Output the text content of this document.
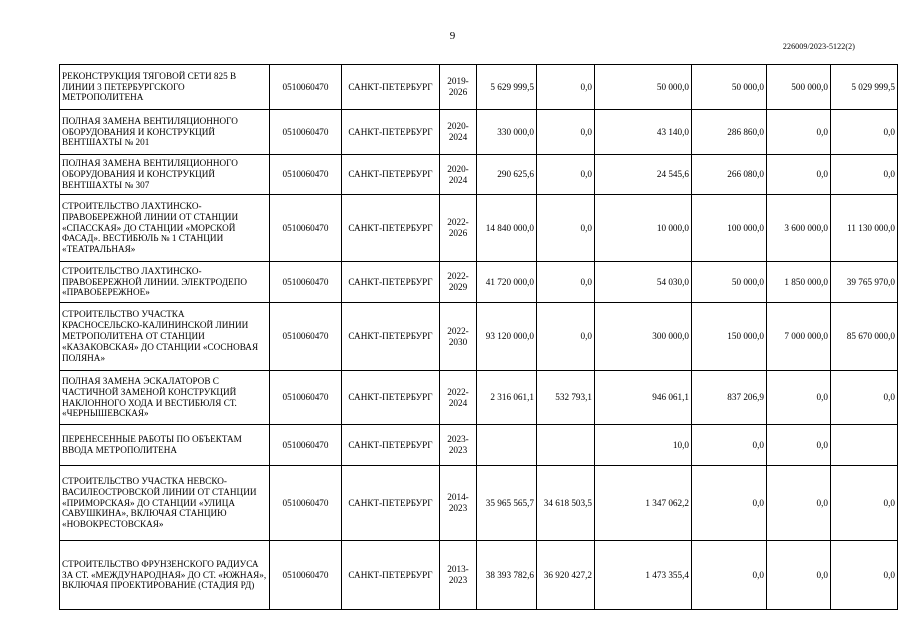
9
226009/2023-5122(2)
РЕКОНСТРУКЦИЯ ТЯГОВОЙ СЕТИ 825 В ЛИНИИ 3 ПЕТЕРБУРГСКОГО МЕТРОПОЛИТЕНА	0510060470	САНКТ-ПЕТЕРБУРГ	2019-2026	5 629 999,5	0,0	50 000,0	50 000,0	500 000,0	5 029 999,5
ПОЛНАЯ ЗАМЕНА ВЕНТИЛЯЦИОННОГО ОБОРУДОВАНИЯ И КОНСТРУКЦИЙ ВЕНТШАХТЫ № 201	0510060470	САНКТ-ПЕТЕРБУРГ	2020-2024	330 000,0	0,0	43 140,0	286 860,0	0,0	0,0
ПОЛНАЯ ЗАМЕНА ВЕНТИЛЯЦИОННОГО ОБОРУДОВАНИЯ И КОНСТРУКЦИЙ ВЕНТШАХТЫ № 307	0510060470	САНКТ-ПЕТЕРБУРГ	2020-2024	290 625,6	0,0	24 545,6	266 080,0	0,0	0,0
СТРОИТЕЛЬСТВО ЛАХТИНСКО-ПРАВОБЕРЕЖНОЙ ЛИНИИ ОТ СТАНЦИИ «СПАССКАЯ» ДО СТАНЦИИ «МОРСКОЙ ФАСАД». ВЕСТИБЮЛЬ № 1 СТАНЦИИ «ТЕАТРАЛЬНАЯ»	0510060470	САНКТ-ПЕТЕРБУРГ	2022-2026	14 840 000,0	0,0	10 000,0	100 000,0	3 600 000,0	11 130 000,0
СТРОИТЕЛЬСТВО ЛАХТИНСКО-ПРАВОБЕРЕЖНОЙ ЛИНИИ. ЭЛЕКТРОДЕПО «ПРАВОБЕРЕЖНОЕ»	0510060470	САНКТ-ПЕТЕРБУРГ	2022-2029	41 720 000,0	0,0	54 030,0	50 000,0	1 850 000,0	39 765 970,0
СТРОИТЕЛЬСТВО УЧАСТКА КРАСНОСЕЛЬСКО-КАЛИНИНСКОЙ ЛИНИИ МЕТРОПОЛИТЕНА ОТ СТАНЦИИ «КАЗАКОВСКАЯ» ДО СТАНЦИИ «СОСНОВАЯ ПОЛЯНА»	0510060470	САНКТ-ПЕТЕРБУРГ	2022-2030	93 120 000,0	0,0	300 000,0	150 000,0	7 000 000,0	85 670 000,0
ПОЛНАЯ ЗАМЕНА ЭСКАЛАТОРОВ С ЧАСТИЧНОЙ ЗАМЕНОЙ КОНСТРУКЦИЙ НАКЛОННОГО ХОДА И ВЕСТИБЮЛЯ СТ. «ЧЕРНЫШЕВСКАЯ»	0510060470	САНКТ-ПЕТЕРБУРГ	2022-2024	2 316 061,1	532 793,1	946 061,1	837 206,9	0,0	0,0
ПЕРЕНЕСЕННЫЕ РАБОТЫ ПО ОБЪЕКТАМ ВВОДА МЕТРОПОЛИТЕНА	0510060470	САНКТ-ПЕТЕРБУРГ	2023-2023			10,0	0,0	0,0	
СТРОИТЕЛЬСТВО УЧАСТКА НЕВСКО-ВАСИЛЕОСТРОВСКОЙ ЛИНИИ ОТ СТАНЦИИ «ПРИМОРСКАЯ» ДО СТАНЦИИ «УЛИЦА САВУШКИНА», ВКЛЮЧАЯ СТАНЦИЮ «НОВОКРЕСТОВСКАЯ»	0510060470	САНКТ-ПЕТЕРБУРГ	2014-2023	35 965 565,7	34 618 503,5	1 347 062,2	0,0	0,0	0,0
СТРОИТЕЛЬСТВО ФРУНЗЕНСКОГО РАДИУСА ЗА СТ. «МЕЖДУНАРОДНАЯ» ДО СТ. «ЮЖНАЯ», ВКЛЮЧАЯ ПРОЕКТИРОВАНИЕ (СТАДИЯ РД)	0510060470	САНКТ-ПЕТЕРБУРГ	2013-2023	38 393 782,6	36 920 427,2	1 473 355,4	0,0	0,0	0,0
